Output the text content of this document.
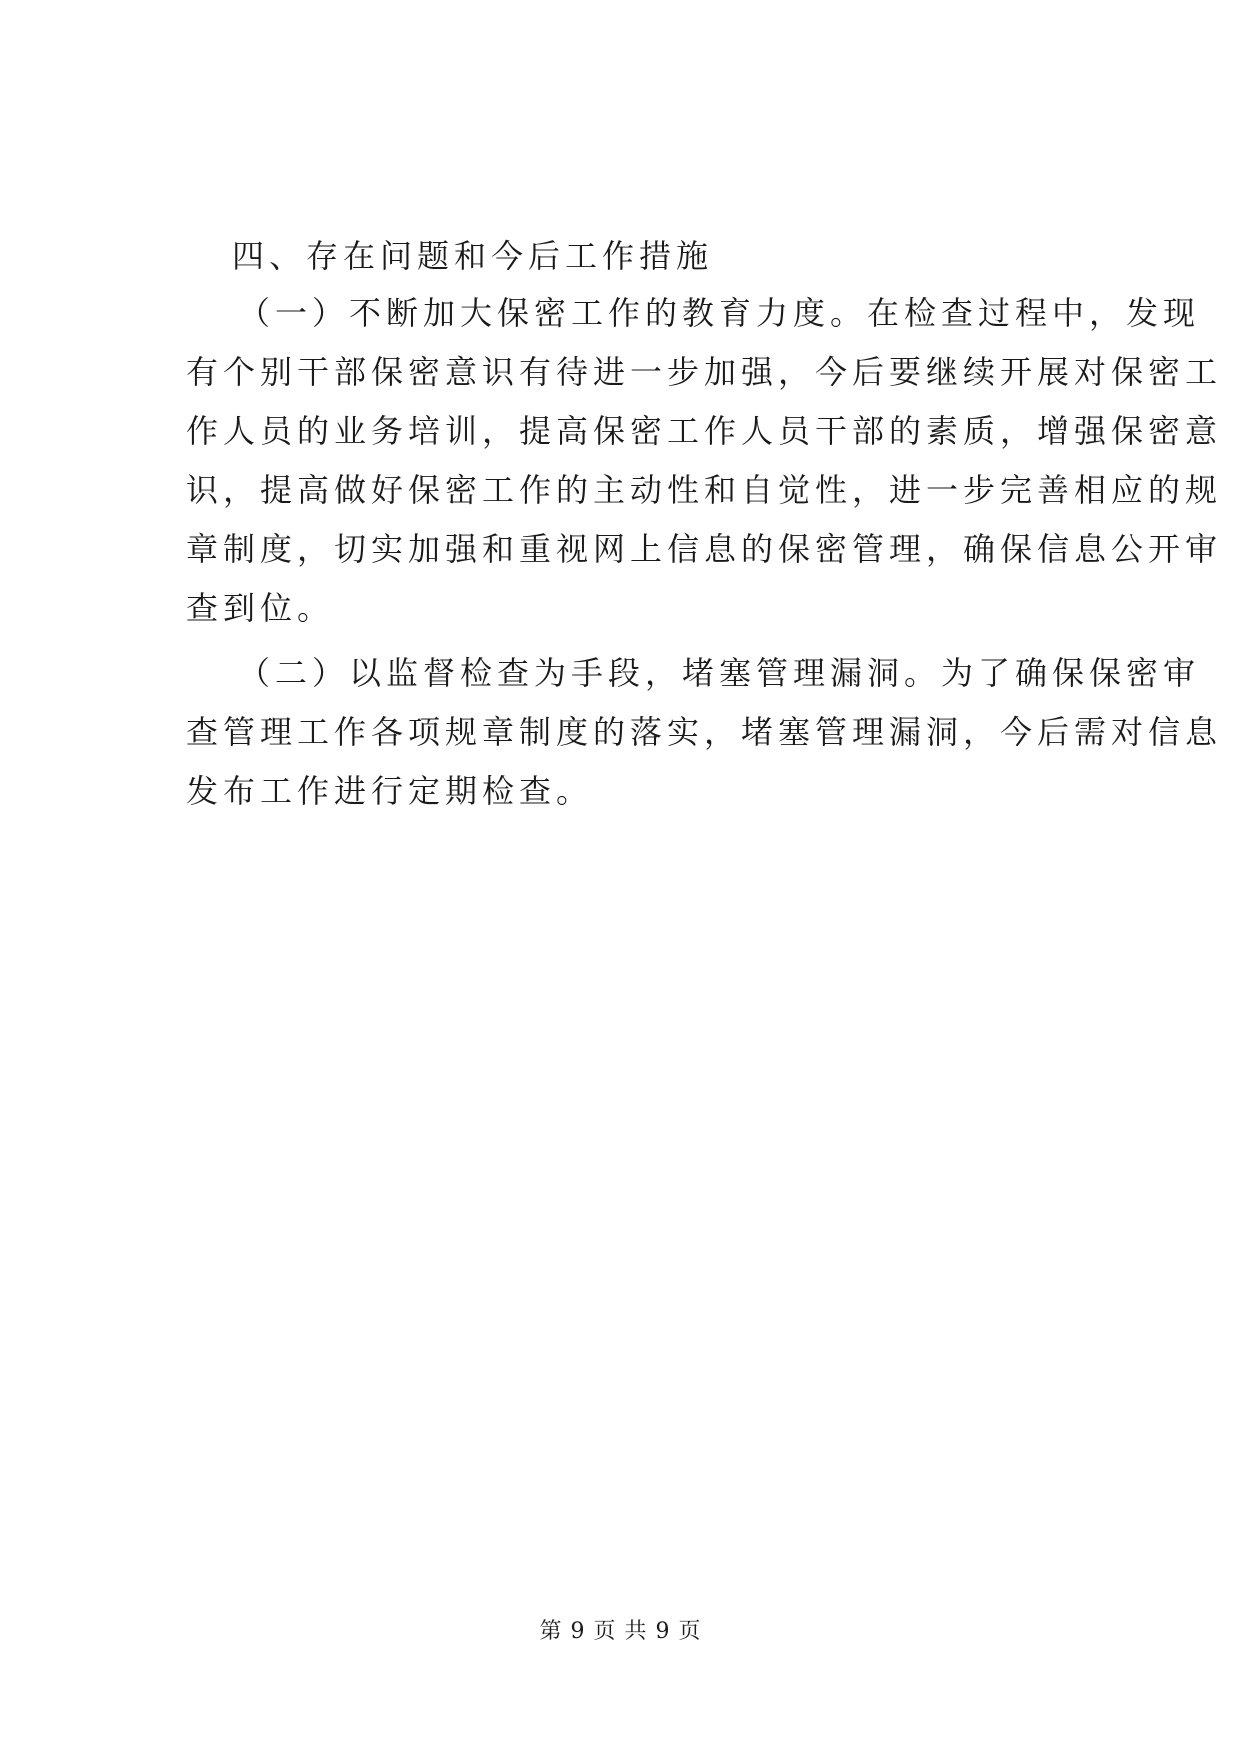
四、存在问题和今后工作措施

（一）不断加大保密工作的教育力度。在检查过程中，发现
有个别干部保密意识有待进一步加强，今后要继续开展对保密工
作人员的业务培训，提高保密工作人员干部的素质，增强保密意
识，提高做好保密工作的主动性和自觉性，进一步完善相应的规
章制度，切实加强和重视网上信息的保密管理，确保信息公开审
查到位。

（二）以监督检查为手段，堵塞管理漏洞。为了确保保密审
查管理工作各项规章制度的落实，堵塞管理漏洞，今后需对信息
发布工作进行定期检查。

第 9 页 共 9 页
